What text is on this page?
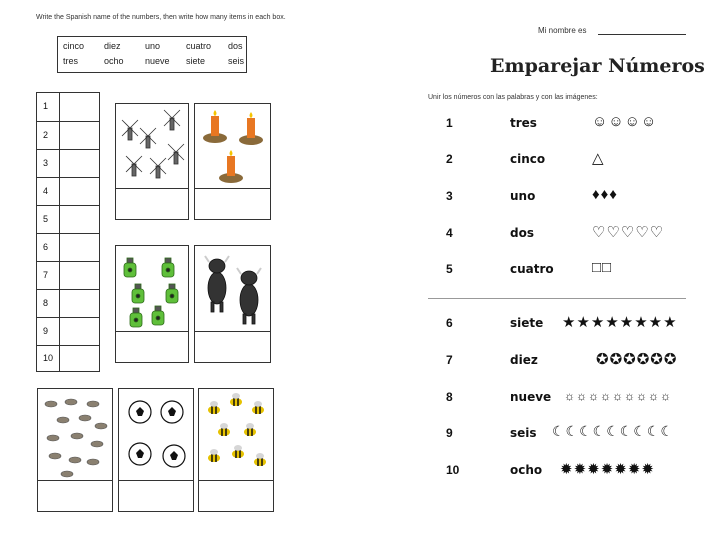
Write the Spanish name of the numbers, then write how many items in each box.
cinco diez	uno	cuatro dos
tres	ocho nueve siete	seis
1
2
3
4
5
6
7
8
9
10
Mi nombre es
Emparejar Números
Unir los números con las palabras y con las imágenes:
1	tres	☺☺☺☺
2	cinco	△
3	uno	♦♦♦
4	dos	♡♡♡♡♡
5	cuatro	□□
6	siete ★★★★★★★★
7	diez	✪✪✪✪✪✪
8	nueve ☼☼☼☼☼☼☼☼☼
9	seis ☾☾☾☾☾☾☾☾☾
10	ocho ✹✹✹✹✹✹✹
